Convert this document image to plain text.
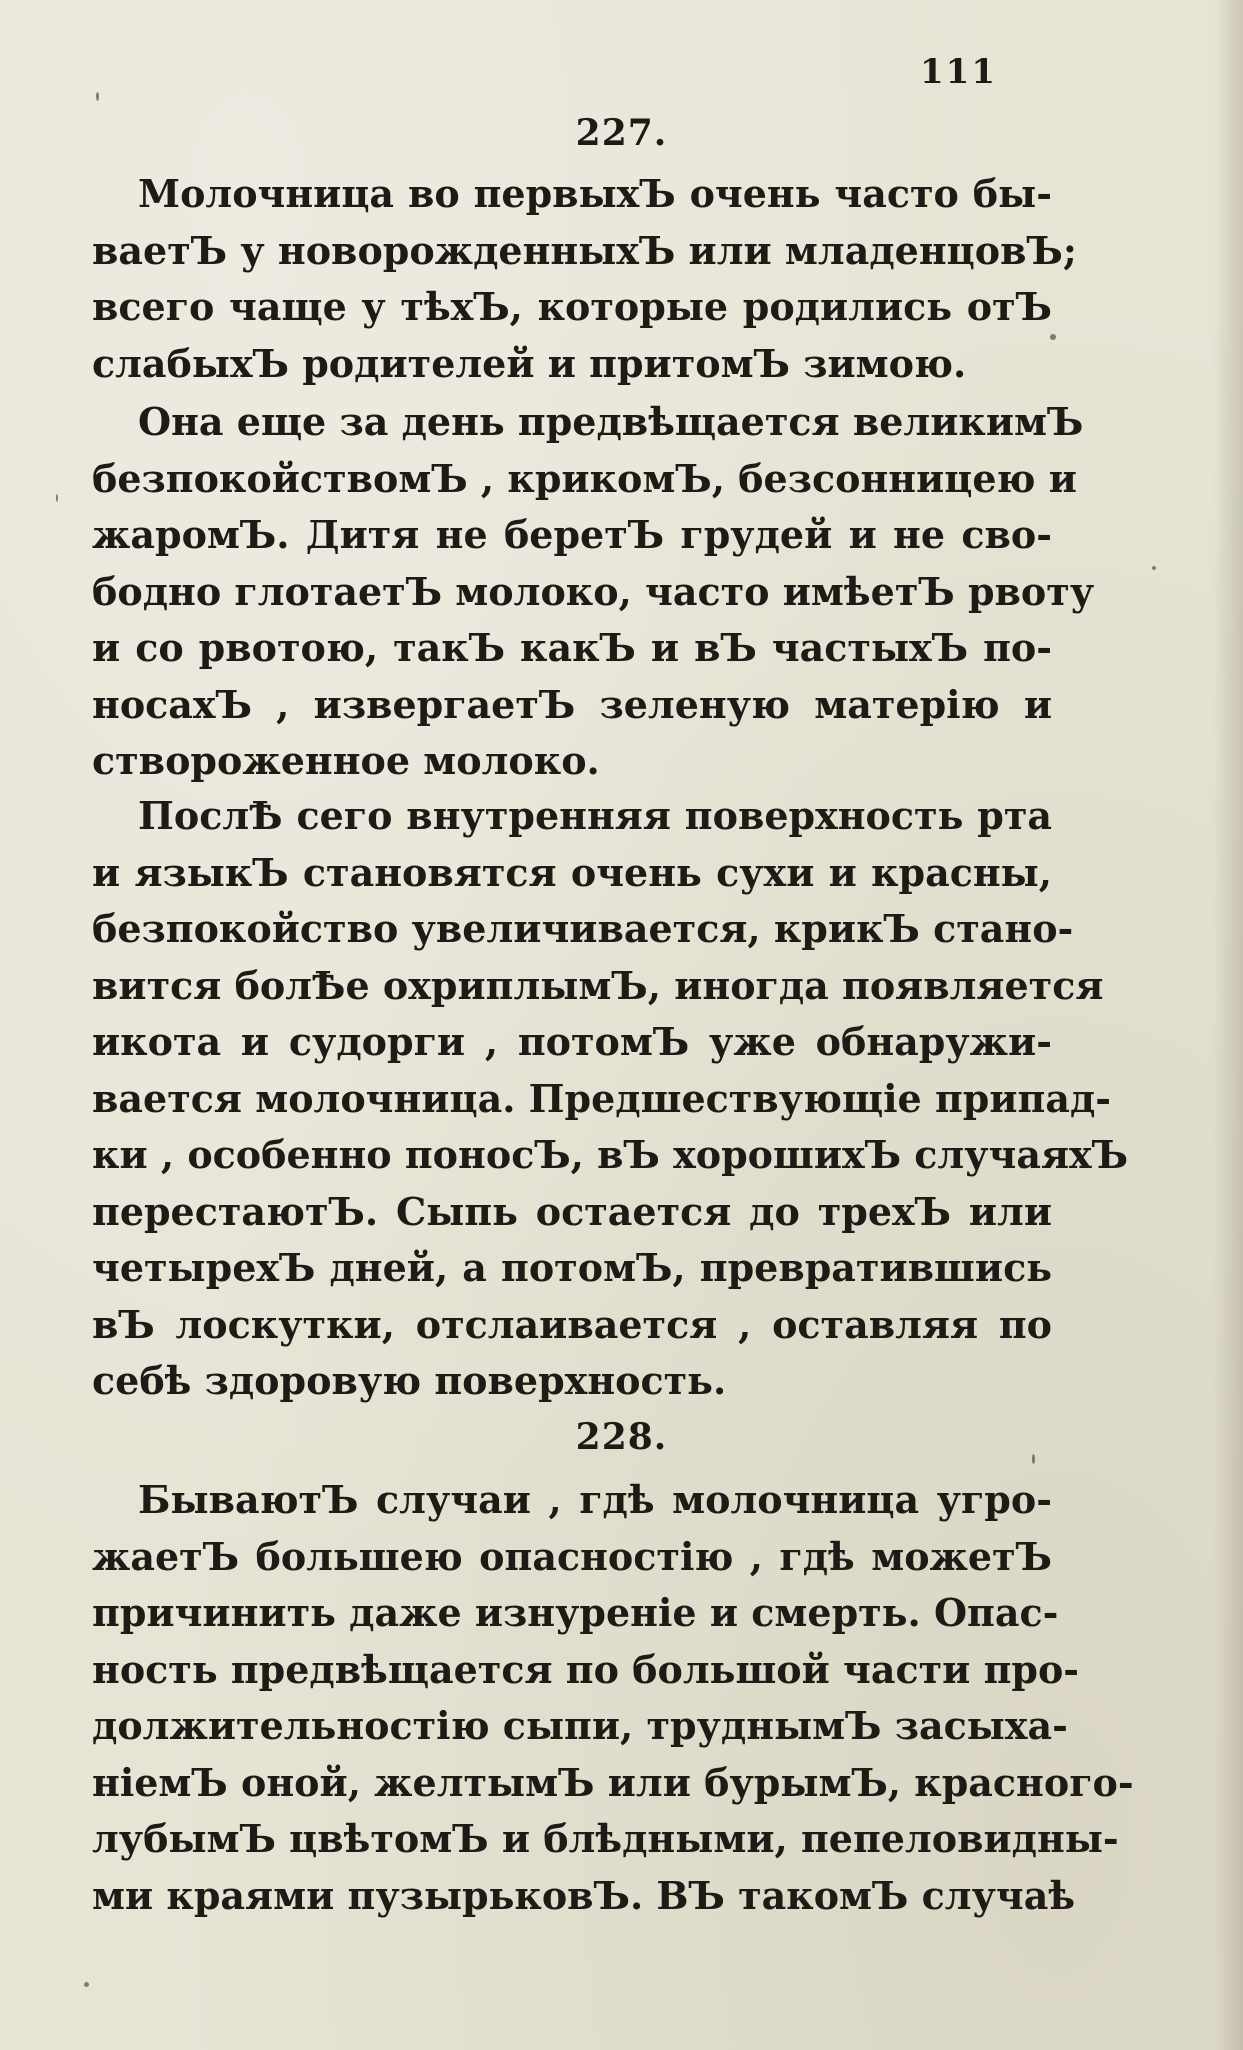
111
227.
Молочница во первыхЪ очень часто бы-
ваетЪ у новорожденныхЪ или младенцовЪ;
всего чаще у тѣхЪ, которые родились отЪ
слабыхЪ родителей и притомЪ зимою.
Она еще за день предвѣщается великимЪ
безпокойствомЪ , крикомЪ, безсонницею и
жаромЪ. Дитя не беретЪ грудей и не сво-
бодно глотаетЪ молоко, часто имѣетЪ рвоту
и со рвотою, такЪ какЪ и вЪ частыхЪ по-
носахЪ , извергаетЪ зеленую матерію и
створоженное молоко.
ПослѢ сего внутренняя поверхность рта
и языкЪ становятся очень сухи и красны,
безпокойство увеличивается, крикЪ стано-
вится болѢе охриплымЪ, иногда появляется
икота и судорги , потомЪ уже обнаружи-
вается молочница. Предшествующіе припад-
ки , особенно поносЪ, вЪ хорошихЪ случаяхЪ
перестаютЪ. Сыпь остается до трехЪ или
четырехЪ дней, а потомЪ, превратившись
вЪ лоскутки, отслаивается , оставляя по
себѣ здоровую поверхность.
228.
БываютЪ случаи , гдѣ молочница угро-
жаетЪ большею опасностію , гдѣ можетЪ
причинить даже изнуреніе и смерть. Опас-
ность предвѣщается по большой части про-
должительностію сыпи, труднымЪ засыха-
ніемЪ оной, желтымЪ или бурымЪ, красного-
лубымЪ цвѣтомЪ и блѣдными, пепеловидны-
ми краями пузырьковЪ. ВЪ такомЪ случаѣ
